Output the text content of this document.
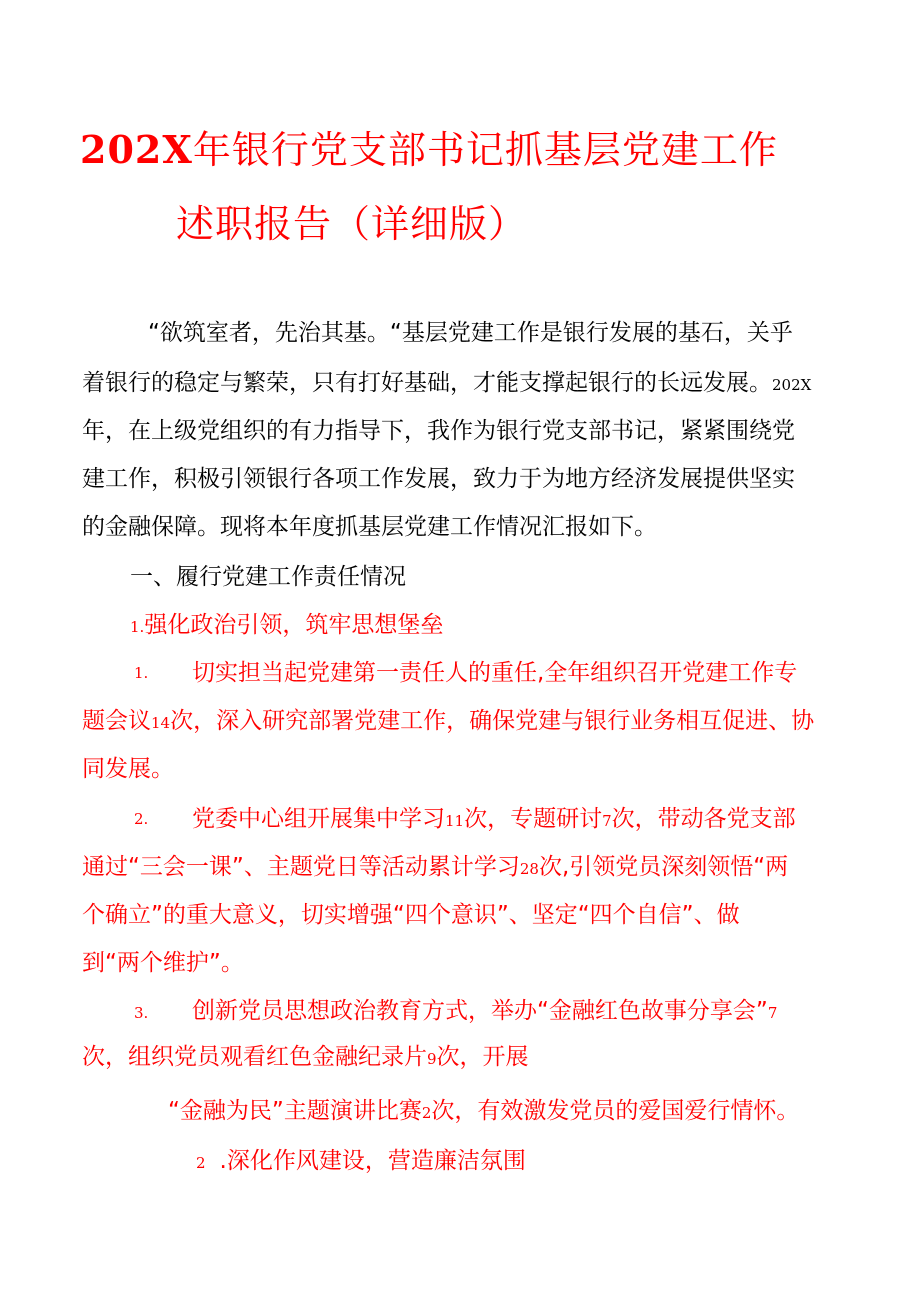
202X年银行党支部书记抓基层党建工作
述职报告（详细版）
“欲筑室者，先治其基。“基层党建工作是银行发展的基石，关乎
着银行的稳定与繁荣，只有打好基础，才能支撑起银行的长远发展。202X
年，在上级党组织的有力指导下，我作为银行党支部书记，紧紧围绕党
建工作，积极引领银行各项工作发展，致力于为地方经济发展提供坚实
的金融保障。现将本年度抓基层党建工作情况汇报如下。
一、履行党建工作责任情况
1.强化政治引领，筑牢思想堡垒
1. 切实担当起党建第一责任人的重任,全年组织召开党建工作专
题会议14次，深入研究部署党建工作，确保党建与银行业务相互促进、协
同发展。
2. 党委中心组开展集中学习11次，专题研讨7次，带动各党支部
通过“三会一课”、主题党日等活动累计学习28次,引领党员深刻领悟“两
个确立”的重大意义，切实增强“四个意识”、坚定“四个自信”、做
到“两个维护”。
3. 创新党员思想政治教育方式，举办“金融红色故事分享会”7
次，组织党员观看红色金融纪录片9次，开展
“金融为民”主题演讲比赛2次，有效激发党员的爱国爱行情怀。
2 .深化作风建设，营造廉洁氛围
